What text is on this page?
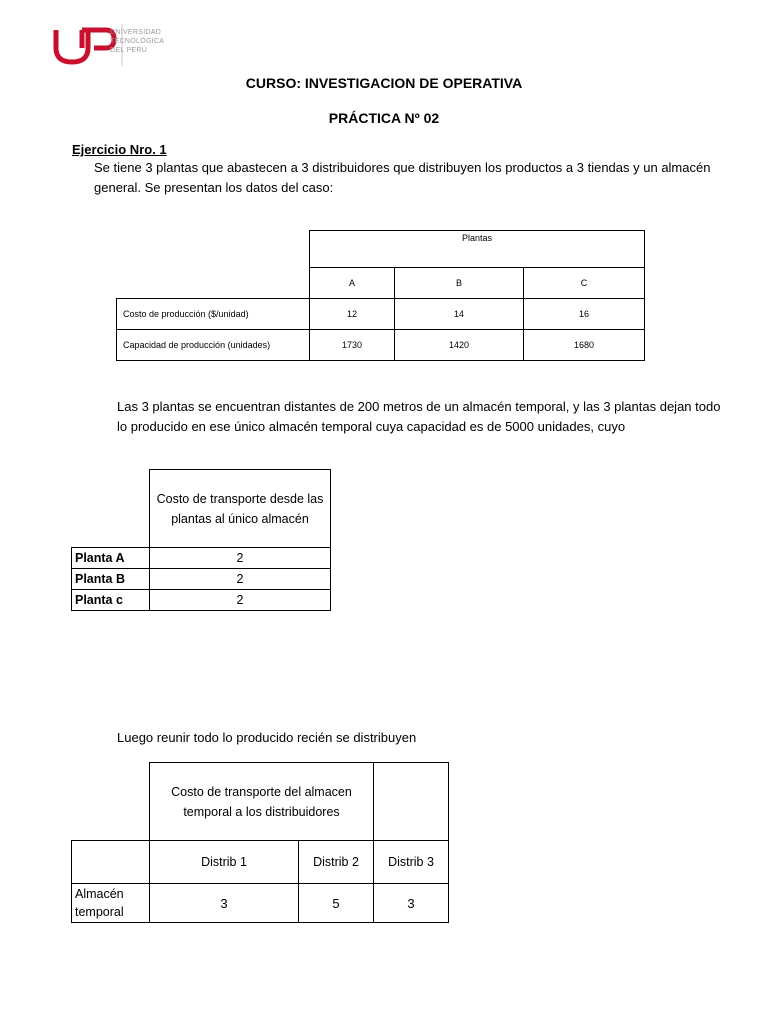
UNIVERSIDAD
TECNOLÓGICA
DEL PERÚ
CURSO: INVESTIGACION DE OPERATIVA
PRÁCTICA Nº 02
Ejercicio Nro. 1
Se tiene 3 plantas que abastecen a 3 distribuidores que distribuyen los productos a 3 tiendas y un almacén general. Se presentan los datos del caso:
	Plantas		
	A	B	C
Costo de producción ($/unidad)	12	14	16
Capacidad de producción (unidades)	1730	1420	1680
Las 3 plantas se encuentran distantes de 200 metros de un almacén temporal, y las 3 plantas dejan todo lo producido en ese único almacén temporal cuya capacidad es de 5000 unidades, cuyo

	Costo de transporte desde las
plantas al único almacén

Planta A	2
Planta B	2
Planta c	2
Luego reunir todo lo producido recién se distribuyen

	Costo de transporte del almacen
temporal a los distribuidores		

	Distrib 1	Distrib 2	Distrib 3

Almacén
temporal	3	5	3
